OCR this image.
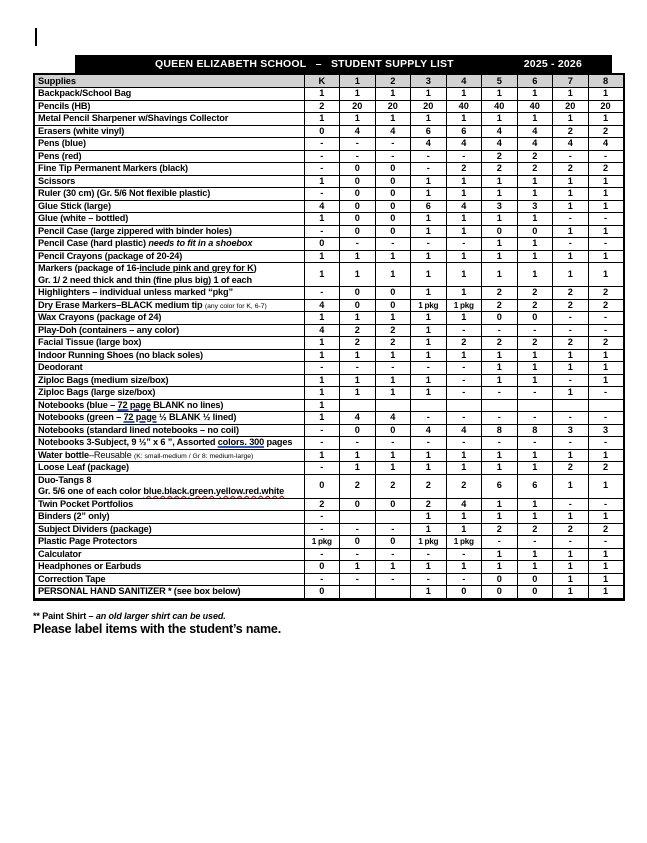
QUEEN ELIZABETH SCHOOL   –   STUDENT SUPPLY LIST	2025 - 2026
Supplies	K	1	2	3	4	5	6	7	8

Backpack/School Bag	1	1	1	1	1	1	1	1	1

Pencils (HB)	2	20	20	20	40	40	40	20	20

Metal Pencil Sharpener w/Shavings Collector	1	1	1	1	1	1	1	1	1

Erasers (white vinyl)	0	4	4	6	6	4	4	2	2

Pens (blue)	-	-	-	4	4	4	4	4	4

Pens (red)	-	-	-	-	-	2	2	-	-

Fine Tip Permanent Markers (black)	-	0	0	-	2	2	2	2	2

Scissors	1	0	0	1	1	1	1	1	1

Ruler (30 cm) (Gr. 5/6 Not flexible plastic)	-	0	0	1	1	1	1	1	1

Glue Stick (large)	4	0	0	6	4	3	3	1	1

Glue (white – bottled)	1	0	0	1	1	1	1	-	-

Pencil Case (large zippered with binder holes)	-	0	0	1	1	0	0	1	1

Pencil Case (hard plastic) needs to fit in a shoebox	0	-	-	-	-	1	1	-	-

Pencil Crayons (package of 20-24)	1	1	1	1	1	1	1	1	1

Markers (package of 16-include pink and grey for K)
Gr. 1/ 2 need thick and thin (fine plus big) 1 of each	1	1	1	1	1	1	1	1	1

Highlighters – individual unless marked “pkg”	-	0	0	1	1	2	2	2	2

Dry Erase Markers–BLACK medium tip (any color for K, 6-7)	4	0	0	1 pkg	1 pkg	2	2	2	2

Wax Crayons (package of 24)	1	1	1	1	1	0	0	-	-

Play-Doh (containers – any color)	4	2	2	1	-	-	-	-	-

Facial Tissue (large box)	1	2	2	1	2	2	2	2	2

Indoor Running Shoes (no black soles)	1	1	1	1	1	1	1	1	1

Deodorant	-	-	-	-	-	1	1	1	1

Ziploc Bags (medium size/box)	1	1	1	1	-	1	1	-	1

Ziploc Bags (large size/box)	1	1	1	1	-	-	-	1	-

Notebooks (blue – 72 page BLANK no lines)	1								

Notebooks (green – 72 page ½ BLANK ½ lined)	1	4	4	-	-	-	-	-	-

Notebooks (standard lined notebooks – no coil)	-	0	0	4	4	8	8	3	3

Notebooks 3-Subject, 9 ½” x 6 ”, Assorted colors. 300 pages	-	-	-	-	-	-	-	-	-

Water bottle–Reusable (K: small-medium / Gr 8: medium-large)	1	1	1	1	1	1	1	1	1

Loose Leaf (package)	-	1	1	1	1	1	1	2	2

Duo-Tangs 8
Gr. 5/6 one of each color blue.black.green.yellow.red.white	0	2	2	2	2	6	6	1	1

Twin Pocket Portfolios	2	0	0	2	4	1	1	-	-

Binders (2” only)	-			1	1	1	1	1	1

Subject Dividers (package)	-	-	-	1	1	2	2	2	2

Plastic Page Protectors	1 pkg	0	0	1 pkg	1 pkg	-	-	-	-

Calculator	-	-	-	-	-	1	1	1	1

Headphones or Earbuds	0	1	1	1	1	1	1	1	1

Correction Tape	-	-	-	-	-	0	0	1	1

PERSONAL HAND SANITIZER * (see box below)	0			1	0	0	0	1	1
** Paint Shirt – an old larger shirt can be used.
Please label items with the student’s name.
